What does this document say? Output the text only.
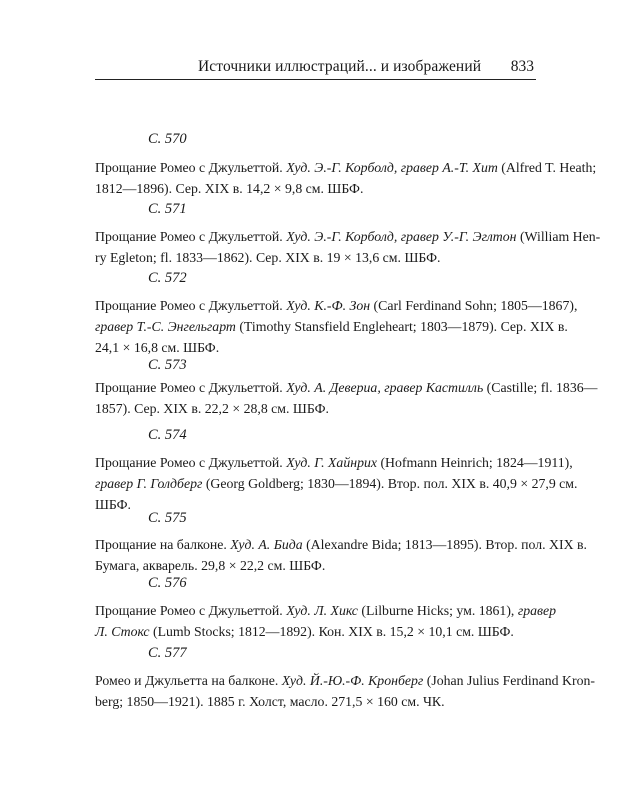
Источники иллюстраций... и изображений 833
С. 570
Прощание Ромео с Джульеттой. Худ. Э.-Г. Корболд, гравер А.-Т. Хит (Alfred T. Heath;
1812—1896). Сер. XIX в. 14,2 × 9,8 см. ШБФ.
С. 571
Прощание Ромео с Джульеттой. Худ. Э.-Г. Корболд, гравер У.-Г. Эглтон (William Hen-
ry Egleton; fl. 1833—1862). Сер. XIX в. 19 × 13,6 см. ШБФ.
С. 572
Прощание Ромео с Джульеттой. Худ. К.-Ф. Зон (Carl Ferdinand Sohn; 1805—1867),
гравер Т.-С. Энгельгарт (Timothy Stansfield Engleheart; 1803—1879). Сер. XIX в.
24,1 × 16,8 см. ШБФ.
С. 573
Прощание Ромео с Джульеттой. Худ. А. Девериа, гравер Кастилль (Castille; fl. 1836—
1857). Сер. XIX в. 22,2 × 28,8 см. ШБФ.
С. 574
Прощание Ромео с Джульеттой. Худ. Г. Хайнрих (Hofmann Heinrich; 1824—1911),
гравер Г. Голдберг (Georg Goldberg; 1830—1894). Втор. пол. XIX в. 40,9 × 27,9 см.
ШБФ.
С. 575
Прощание на балконе. Худ. А. Бида (Alexandre Bida; 1813—1895). Втор. пол. XIX в.
Бумага, акварель. 29,8 × 22,2 см. ШБФ.
С. 576
Прощание Ромео с Джульеттой. Худ. Л. Хикс (Lilburne Hicks; ум. 1861), гравер
Л. Стокс (Lumb Stocks; 1812—1892). Кон. XIX в. 15,2 × 10,1 см. ШБФ.
С. 577
Ромео и Джульетта на балконе. Худ. Й.-Ю.-Ф. Кронберг (Johan Julius Ferdinand Kron-
berg; 1850—1921). 1885 г. Холст, масло. 271,5 × 160 см. ЧК.
